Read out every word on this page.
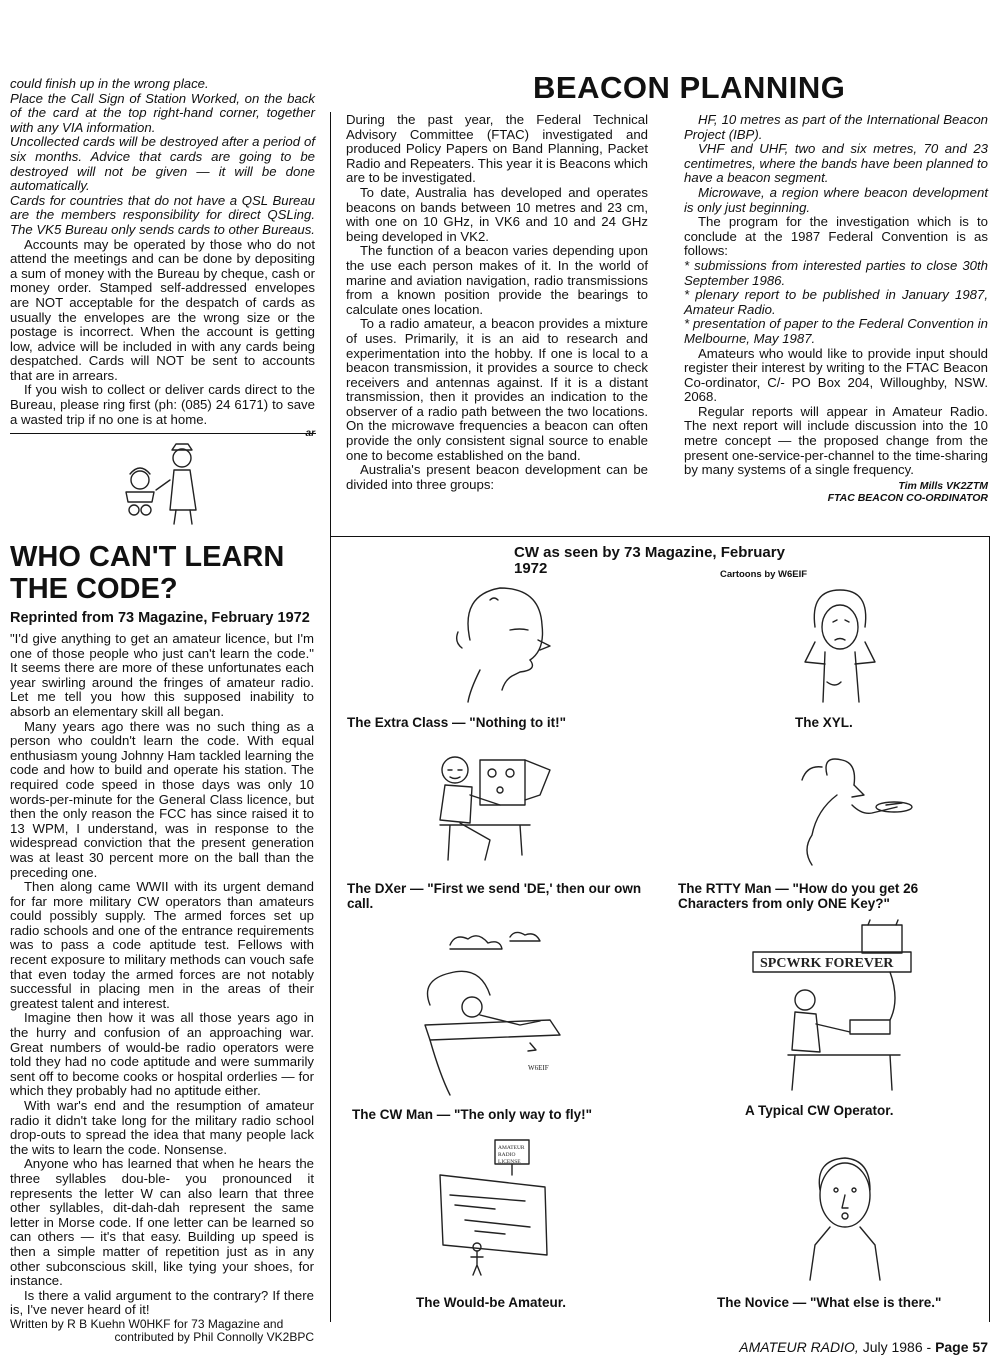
could finish up in the wrong place.

Place the Call Sign of Station Worked, on the back of the card at the top right-hand corner, together with any VIA information.

Uncollected cards will be destroyed after a period of six months. Advice that cards are going to be destroyed will not be given — it will be done automatically.

Cards for countries that do not have a QSL Bureau are the members responsibility for direct QSLing. The VK5 Bureau only sends cards to other Bureaus.

Accounts may be operated by those who do not attend the meetings and can be done by depositing a sum of money with the Bureau by cheque, cash or money order. Stamped self-addressed envelopes are NOT acceptable for the despatch of cards as usually the envelopes are the wrong size or the postage is incorrect. When the account is getting low, advice will be included in with any cards being despatched. Cards will NOT be sent to accounts that are in arrears.

If you wish to collect or deliver cards direct to the Bureau, please ring first (ph: (085) 24 6171) to save a wasted trip if no one is at home.

BEACON PLANNING

During the past year, the Federal Technical Advisory Committee (FTAC) investigated and produced Policy Papers on Band Planning, Packet Radio and Repeaters. This year it is Beacons which are to be investigated.

To date, Australia has developed and operates beacons on bands between 10 metres and 23 cm, with one on 10 GHz, in VK6 and 10 and 24 GHz being developed in VK2.

The function of a beacon varies depending upon the use each person makes of it. In the world of marine and aviation navigation, radio transmissions from a known position provide the bearings to calculate ones location.

To a radio amateur, a beacon provides a mixture of uses. Primarily, it is an aid to research and experimentation into the hobby. If one is local to a beacon transmission, it provides a source to check receivers and antennas against. If it is a distant transmission, then it provides an indication to the observer of a radio path between the two locations. On the microwave frequencies a beacon can often provide the only consistent signal source to enable one to become established on the band.

Australia's present beacon development can be divided into three groups:

HF, 10 metres as part of the International Beacon Project (IBP).

VHF and UHF, two and six metres, 70 and 23 centimetres, where the bands have been planned to have a beacon segment.

Microwave, a region where beacon development is only just beginning.

The program for the investigation which is to conclude at the 1987 Federal Convention is as follows:

* submissions from interested parties to close 30th September 1986.

* plenary report to be published in January 1987, Amateur Radio.

* presentation of paper to the Federal Convention in Melbourne, May 1987.

Amateurs who would like to provide input should register their interest by writing to the FTAC Beacon Co-ordinator, C/- PO Box 204, Willoughby, NSW. 2068.

Regular reports will appear in Amateur Radio. The next report will include discussion into the 10 metre concept — the proposed change from the present one-service-per-channel to the time-sharing by many systems of a single frequency.

Tim Mills VK2ZTM

FTAC BEACON CO-ORDINATOR

WHO CAN'T LEARN
THE CODE?
Reprinted from 73 Magazine, February 1972

"I'd give anything to get an amateur licence, but I'm one of those people who just can't learn the code." It seems there are more of these unfortunates each year swirling around the fringes of amateur radio. Let me tell you how this supposed inability to absorb an elementary skill all began.

Many years ago there was no such thing as a person who couldn't learn the code. With equal enthusiasm young Johnny Ham tackled learning the code and how to build and operate his station. The required code speed in those days was only 10 words-per-minute for the General Class licence, but then the only reason the FCC has since raised it to 13 WPM, I understand, was in response to the widespread conviction that the present generation was at least 30 percent more on the ball than the preceding one.

Then along came WWII with its urgent demand for far more military CW operators than amateurs could possibly supply. The armed forces set up radio schools and one of the entrance requirements was to pass a code aptitude test. Fellows with recent exposure to military methods can vouch safe that even today the armed forces are not notably successful in placing men in the areas of their greatest talent and interest.

Imagine then how it was all those years ago in the hurry and confusion of an approaching war. Great numbers of would-be radio operators were told they had no code aptitude and were summarily sent off to become cooks or hospital orderlies — for which they probably had no aptitude either.

With war's end and the resumption of amateur radio it didn't take long for the military radio school drop-outs to spread the idea that many people lack the wits to learn the code. Nonsense.

Anyone who has learned that when he hears the three syllables dou-ble- you pronounced it represents the letter W can also learn that three other syllables, dit-dah-dah represent the same letter in Morse code. If one letter can be learned so can others — it's that easy. Building up speed is then a simple matter of repetition just as in any other subconscious skill, like tying your shoes, for instance.

Is there a valid argument to the contrary? If there is, I've never heard of it!

Written by R B Kuehn W0HKF for 73 Magazine and

contributed by Phil Connolly VK2BPC

CW as seen by 73 Magazine, February
1972	Cartoons by W6EIF
The Extra Class — "Nothing to it!"	The XYL.
The DXer — "First we send 'DE,' then our own call.
The RTTY Man — "How do you get 26 Characters from only ONE Key?"
W6EIF
The CW Man — "The only way to fly!"
SPCWRK FOREVER
A Typical CW Operator.
AMATEUR
RADIO
LICENSE
The Would-be Amateur.	The Novice — "What else is there."
AMATEUR RADIO, July 1986 - Page 57
